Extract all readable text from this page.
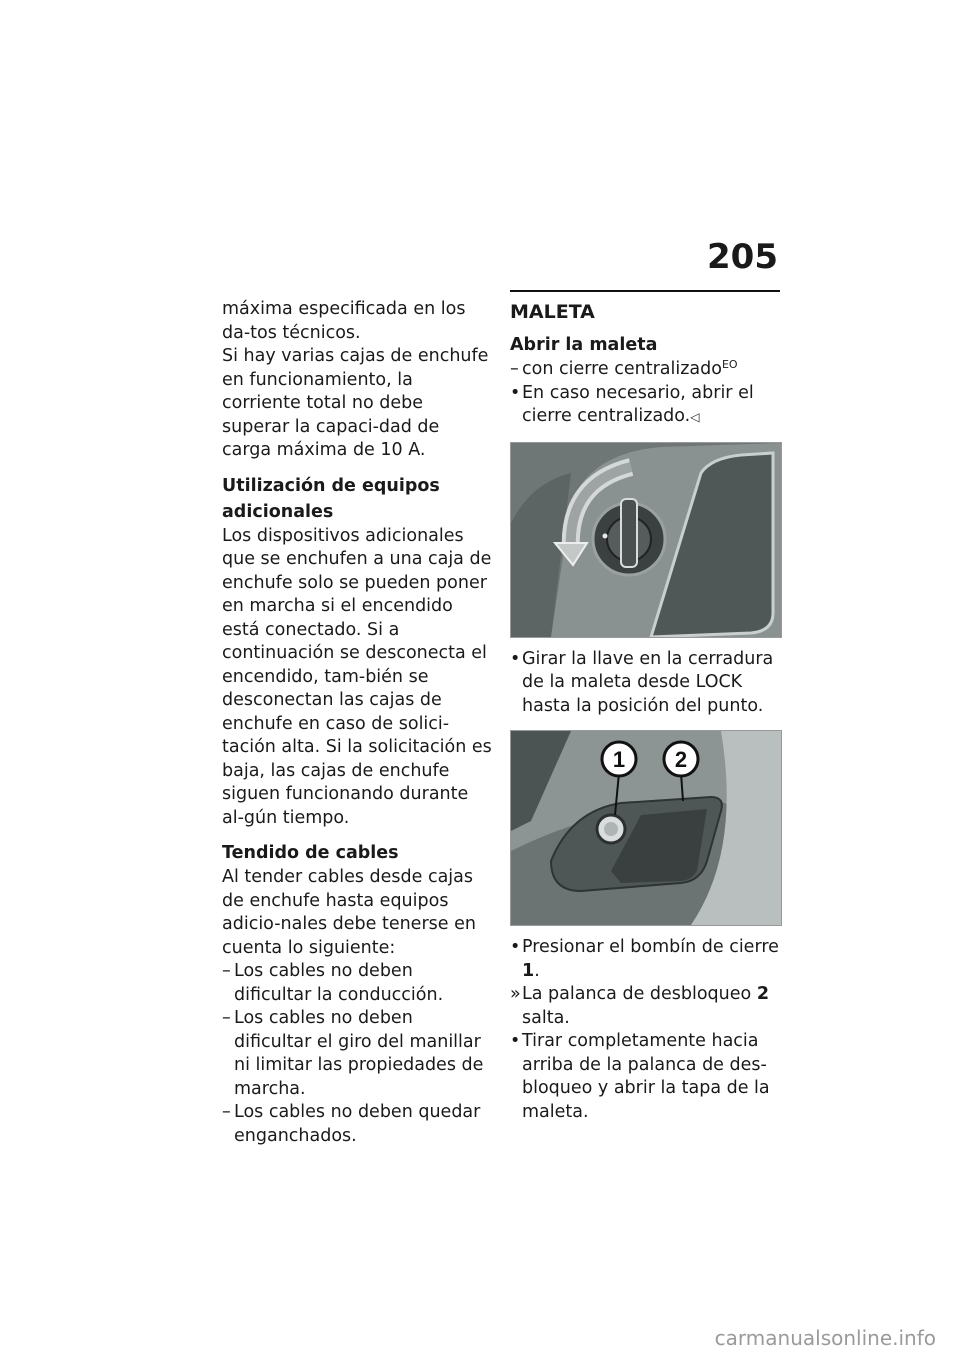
205

máxima especificada en los da-tos técnicos.

Si hay varias cajas de enchufe en funcionamiento, la corriente total no debe superar la capaci-dad de carga máxima de 10 A.

Utilización de equipos adicionales

Los dispositivos adicionales que se enchufen a una caja de enchufe solo se pueden poner en marcha si el encendido está conectado. Si a continuación se desconecta el encendido, tam-bién se desconectan las cajas de enchufe en caso de solici-tación alta. Si la solicitación es baja, las cajas de enchufe siguen funcionando durante al-gún tiempo.

Tendido de cables

Al tender cables desde cajas de enchufe hasta equipos adicio-nales debe tenerse en cuenta lo siguiente:

– Los cables no deben dificultar la conducción.

– Los cables no deben dificultar el giro del manillar ni limitar las propiedades de marcha.

– Los cables no deben quedar enganchados.

MALETA

Abrir la maleta

– con cierre centralizado$^{EO}$

• En caso necesario, abrir el cierre centralizado.◁

• Girar la llave en la cerradura de la maleta desde LOCK hasta la posición del punto.

1 2

• Presionar el bombín de cierre 1.

» La palanca de desbloqueo 2
salta.

• Tirar completamente hacia arriba de la palanca de des-bloqueo y abrir la tapa de la maleta.

carmanualsonline.info
